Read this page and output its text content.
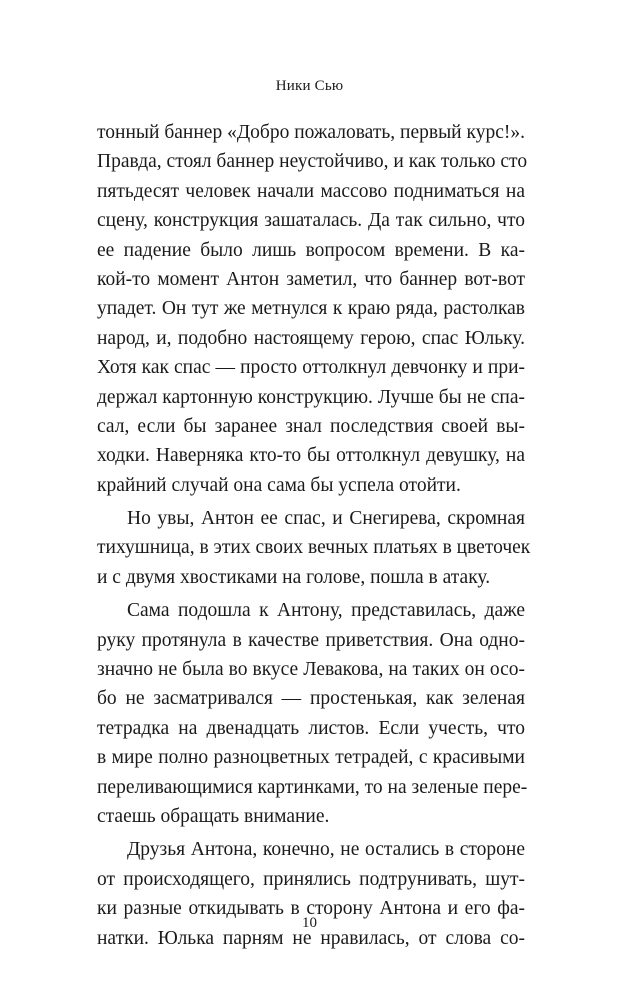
Ники Сью
тонный баннер «Добро пожаловать, первый курс!».
Правда, стоял баннер неустойчиво, и как только сто
пятьдесят человек начали массово подниматься на
сцену, конструкция зашаталась. Да так сильно, что
ее падение было лишь вопросом времени. В ка-
кой-то момент Антон заметил, что баннер вот-вот
упадет. Он тут же метнулся к краю ряда, растолкав
народ, и, подобно настоящему герою, спас Юльку.
Хотя как спас — просто оттолкнул девчонку и при-
держал картонную конструкцию. Лучше бы не спа-
сал, если бы заранее знал последствия своей вы-
ходки. Наверняка кто-то бы оттолкнул девушку, на
крайний случай она сама бы успела отойти.
Но увы, Антон ее спас, и Снегирева, скромная
тихушница, в этих своих вечных платьях в цветочек
и с двумя хвостиками на голове, пошла в атаку.
Сама подошла к Антону, представилась, даже
руку протянула в качестве приветствия. Она одно-
значно не была во вкусе Левакова, на таких он осо-
бо не засматривался — простенькая, как зеленая
тетрадка на двенадцать листов. Если учесть, что
в мире полно разноцветных тетрадей, с красивыми
переливающимися картинками, то на зеленые пере-
стаешь обращать внимание.
Друзья Антона, конечно, не остались в стороне
от происходящего, принялись подтрунивать, шут-
ки разные откидывать в сторону Антона и его фа-
натки. Юлька парням не нравилась, от слова со-
10
